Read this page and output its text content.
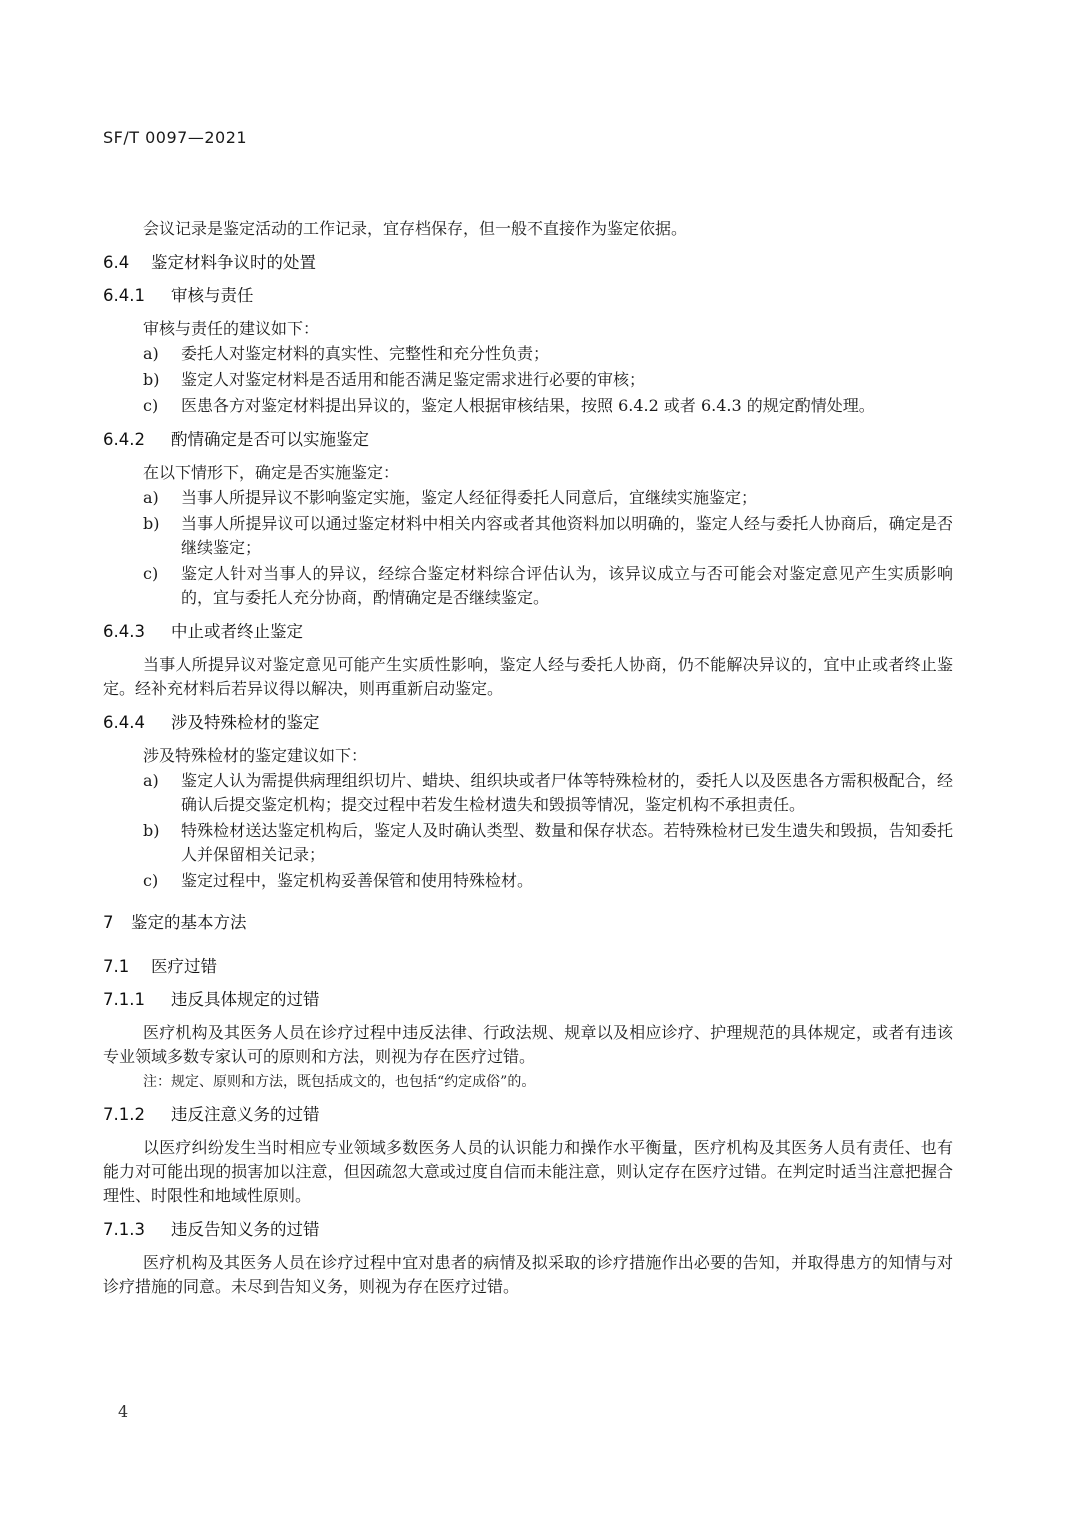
SF/T 0097—2021

会议记录是鉴定活动的工作记录，宜存档保存，但一般不直接作为鉴定依据。

6.4 鉴定材料争议时的处置
6.4.1 审核与责任
审核与责任的建议如下：
a)	委托人对鉴定材料的真实性、完整性和充分性负责；
b)	鉴定人对鉴定材料是否适用和能否满足鉴定需求进行必要的审核；
c)	医患各方对鉴定材料提出异议的，鉴定人根据审核结果，按照 6.4.2 或者 6.4.3 的规定酌情处理。
6.4.2 酌情确定是否可以实施鉴定
在以下情形下，确定是否实施鉴定：
a)	当事人所提异议不影响鉴定实施，鉴定人经征得委托人同意后，宜继续实施鉴定；
b)	当事人所提异议可以通过鉴定材料中相关内容或者其他资料加以明确的，鉴定人经与委托人协商后，确定是否继续鉴定；
c)	鉴定人针对当事人的异议，经综合鉴定材料综合评估认为，该异议成立与否可能会对鉴定意见产生实质影响的，宜与委托人充分协商，酌情确定是否继续鉴定。
6.4.3 中止或者终止鉴定

当事人所提异议对鉴定意见可能产生实质性影响，鉴定人经与委托人协商，仍不能解决异议的，宜中止或者终止鉴定。经补充材料后若异议得以解决，则再重新启动鉴定。

6.4.4 涉及特殊检材的鉴定
涉及特殊检材的鉴定建议如下：
a)	鉴定人认为需提供病理组织切片、蜡块、组织块或者尸体等特殊检材的，委托人以及医患各方需积极配合，经确认后提交鉴定机构；提交过程中若发生检材遗失和毁损等情况，鉴定机构不承担责任。
b)	特殊检材送达鉴定机构后，鉴定人及时确认类型、数量和保存状态。若特殊检材已发生遗失和毁损，告知委托人并保留相关记录；
c)	鉴定过程中，鉴定机构妥善保管和使用特殊检材。
7 鉴定的基本方法
7.1 医疗过错
7.1.1 违反具体规定的过错

医疗机构及其医务人员在诊疗过程中违反法律、行政法规、规章以及相应诊疗、护理规范的具体规定，或者有违该专业领域多数专家认可的原则和方法，则视为存在医疗过错。

注：规定、原则和方法，既包括成文的，也包括“约定成俗”的。
7.1.2 违反注意义务的过错

以医疗纠纷发生当时相应专业领域多数医务人员的认识能力和操作水平衡量，医疗机构及其医务人员有责任、也有能力对可能出现的损害加以注意，但因疏忽大意或过度自信而未能注意，则认定存在医疗过错。在判定时适当注意把握合理性、时限性和地域性原则。

7.1.3 违反告知义务的过错

医疗机构及其医务人员在诊疗过程中宜对患者的病情及拟采取的诊疗措施作出必要的告知，并取得患方的知情与对诊疗措施的同意。未尽到告知义务，则视为存在医疗过错。

4
